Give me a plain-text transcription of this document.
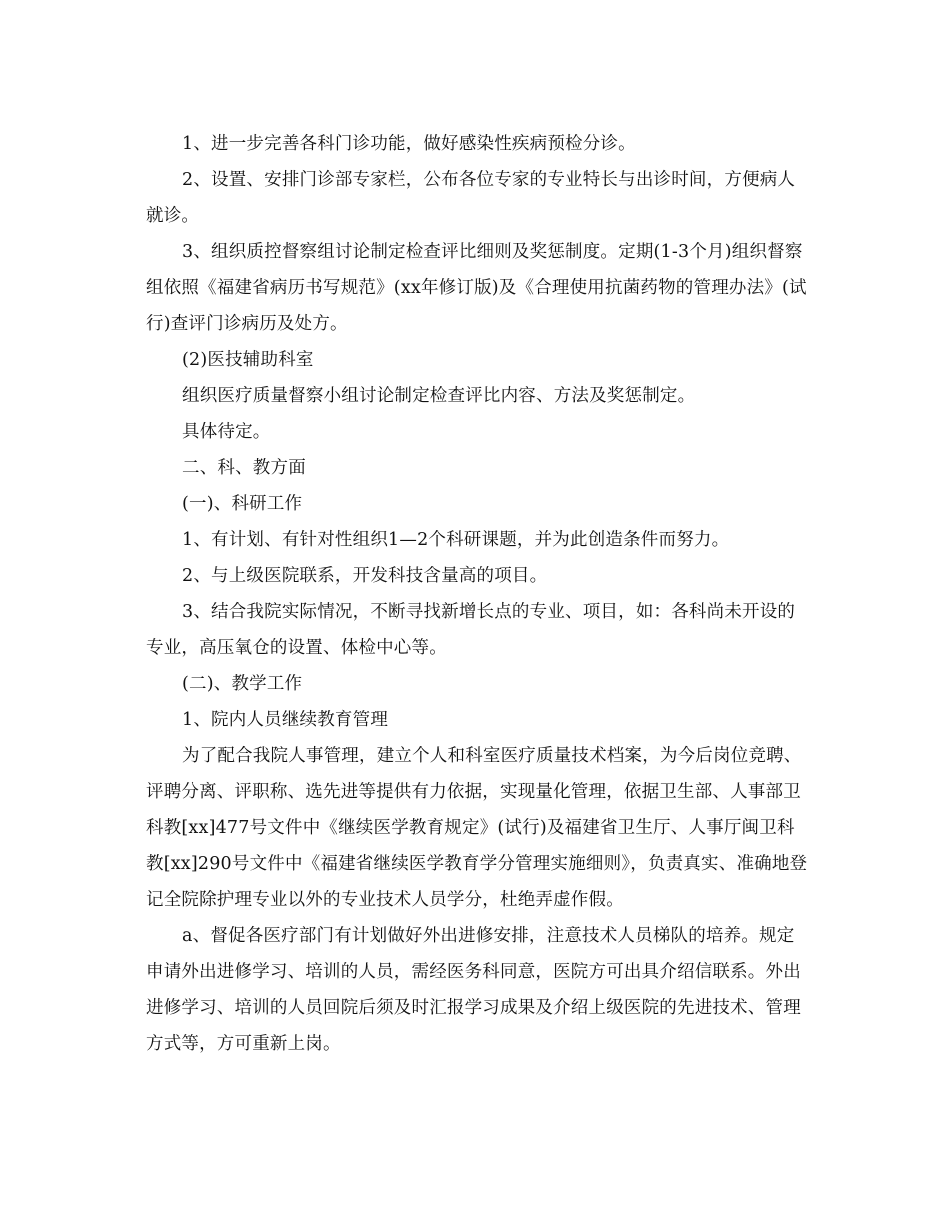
1、进一步完善各科门诊功能，做好感染性疾病预检分诊。

2、设置、安排门诊部专家栏，公布各位专家的专业特长与出诊时间，方便病人就诊。

3、组织质控督察组讨论制定检查评比细则及奖惩制度。定期(1-3个月)组织督察组依照《福建省病历书写规范》(xx年修订版)及《合理使用抗菌药物的管理办法》(试行)查评门诊病历及处方。

(2)医技辅助科室

组织医疗质量督察小组讨论制定检查评比内容、方法及奖惩制定。

具体待定。

二、科、教方面

(一)、科研工作

1、有计划、有针对性组织1—2个科研课题，并为此创造条件而努力。

2、与上级医院联系，开发科技含量高的项目。

3、结合我院实际情况，不断寻找新增长点的专业、项目，如：各科尚未开设的专业，高压氧仓的设置、体检中心等。

(二)、教学工作

1、院内人员继续教育管理

为了配合我院人事管理，建立个人和科室医疗质量技术档案，为今后岗位竞聘、评聘分离、评职称、选先进等提供有力依据，实现量化管理，依据卫生部、人事部卫科教[xx]477号文件中《继续医学教育规定》(试行)及福建省卫生厅、人事厅闽卫科教[xx]290号文件中《福建省继续医学教育学分管理实施细则》，负责真实、准确地登记全院除护理专业以外的专业技术人员学分，杜绝弄虚作假。

a、督促各医疗部门有计划做好外出进修安排，注意技术人员梯队的培养。规定申请外出进修学习、培训的人员，需经医务科同意，医院方可出具介绍信联系。外出进修学习、培训的人员回院后须及时汇报学习成果及介绍上级医院的先进技术、管理方式等，方可重新上岗。
